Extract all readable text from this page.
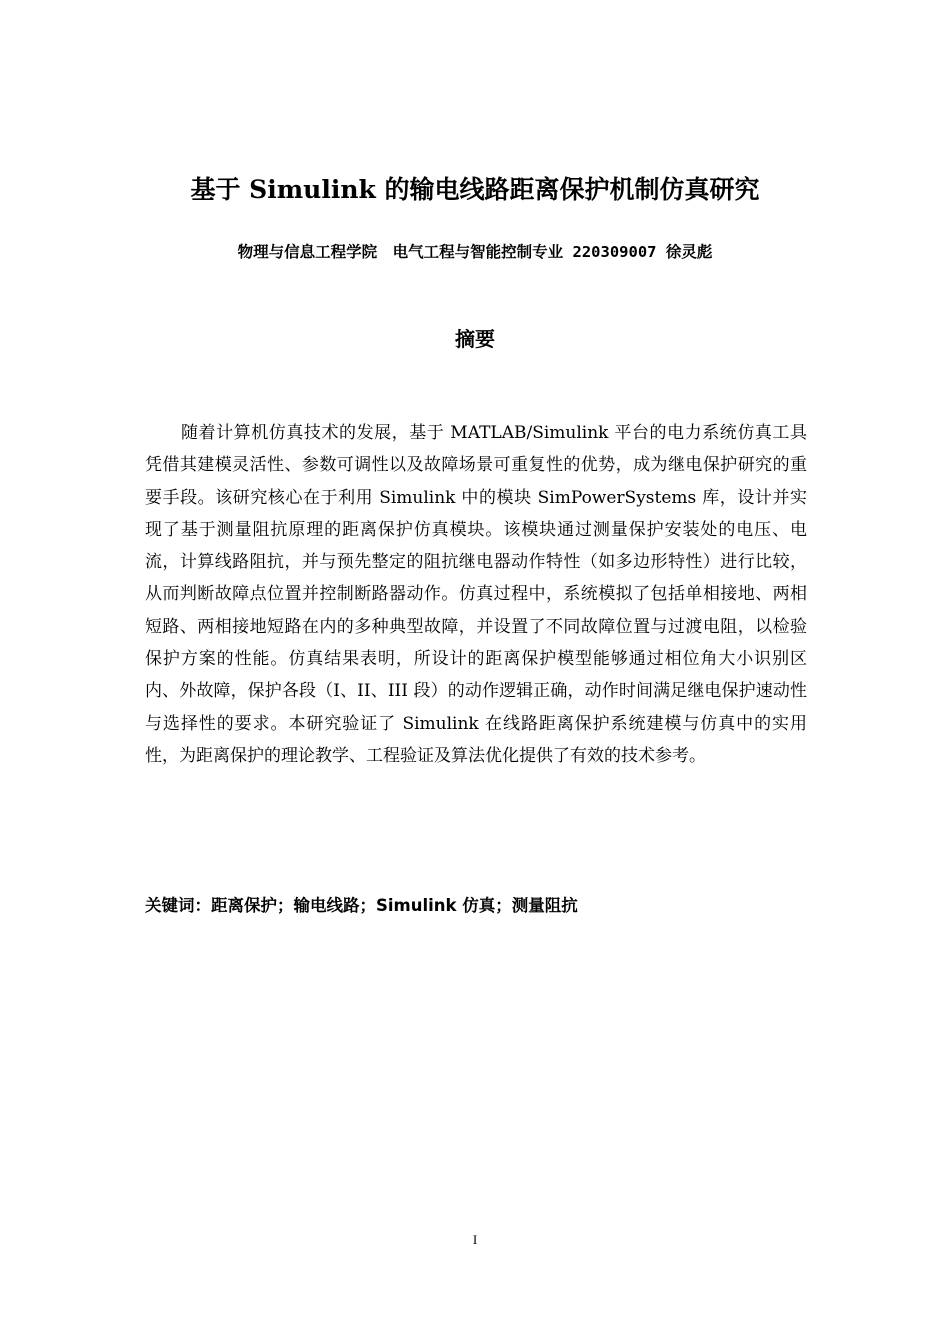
基于 Simulink 的输电线路距离保护机制仿真研究
物理与信息工程学院　电气工程与智能控制专业 220309007 徐灵彪
摘要

随着计算机仿真技术的发展，基于 MATLAB/Simulink 平台的电力系统仿真工具凭借其建模灵活性、参数可调性以及故障场景可重复性的优势，成为继电保护研究的重要手段。该研究核心在于利用 Simulink 中的模块 SimPowerSystems 库，设计并实现了基于测量阻抗原理的距离保护仿真模块。该模块通过测量保护安装处的电压、电流，计算线路阻抗，并与预先整定的阻抗继电器动作特性（如多边形特性）进行比较，从而判断故障点位置并控制断路器动作。仿真过程中，系统模拟了包括单相接地、两相短路、两相接地短路在内的多种典型故障，并设置了不同故障位置与过渡电阻，以检验保护方案的性能。仿真结果表明，所设计的距离保护模型能够通过相位角大小识别区内、外故障，保护各段（I、II、III 段）的动作逻辑正确，动作时间满足继电保护速动性与选择性的要求。本研究验证了 Simulink 在线路距离保护系统建模与仿真中的实用性，为距离保护的理论教学、工程验证及算法优化提供了有效的技术参考。

关键词：距离保护；输电线路；Simulink 仿真；测量阻抗
I
